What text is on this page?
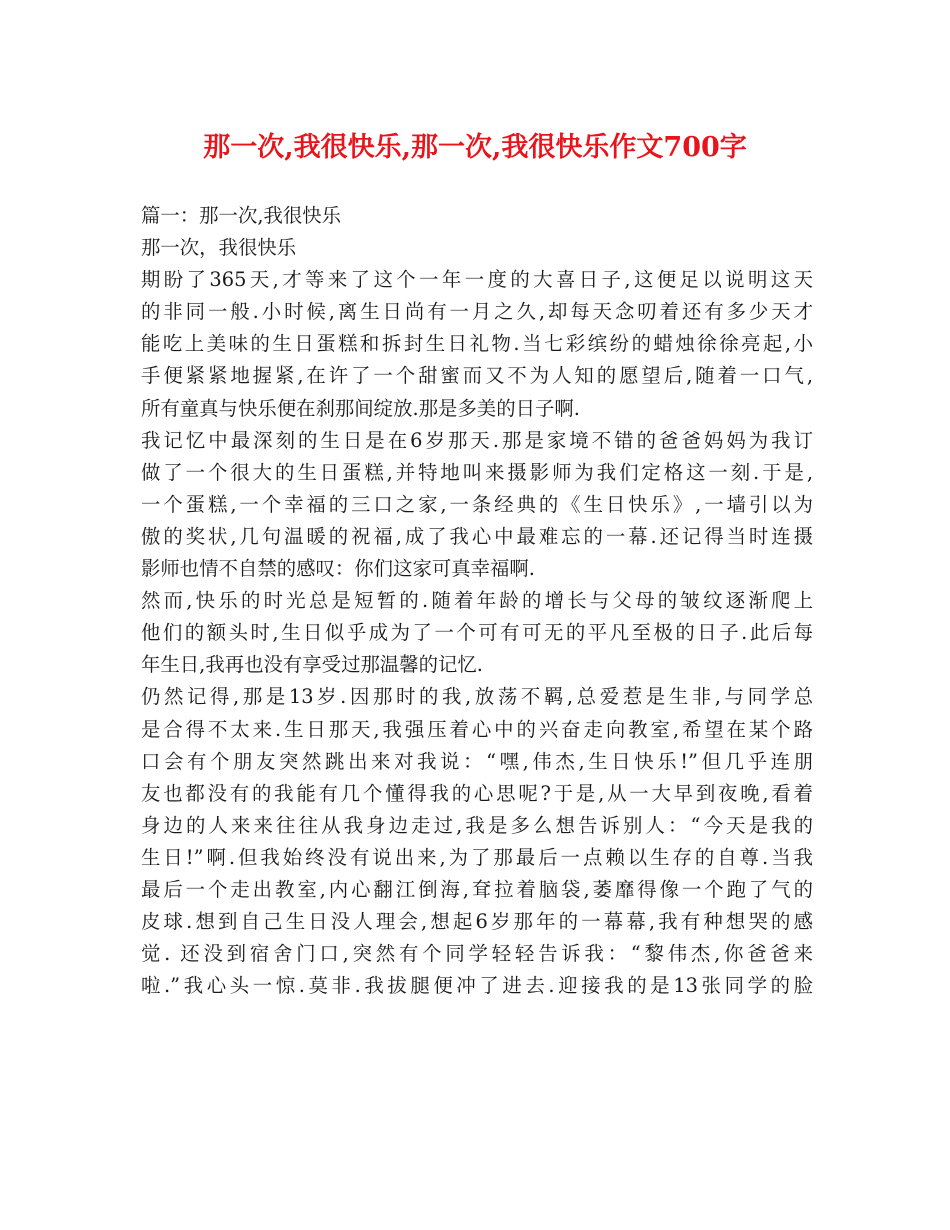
那一次,我很快乐,那一次,我很快乐作文700字
篇一：那一次,我很快乐
那一次，我很快乐
期盼了365天,才等来了这个一年一度的大喜日子,这便足以说明这天
的非同一般.小时候,离生日尚有一月之久,却每天念叨着还有多少天才
能吃上美味的生日蛋糕和拆封生日礼物.当七彩缤纷的蜡烛徐徐亮起,小
手便紧紧地握紧,在许了一个甜蜜而又不为人知的愿望后,随着一口气,
所有童真与快乐便在刹那间绽放.那是多美的日子啊.
我记忆中最深刻的生日是在6岁那天.那是家境不错的爸爸妈妈为我订
做了一个很大的生日蛋糕,并特地叫来摄影师为我们定格这一刻.于是,
一个蛋糕,一个幸福的三口之家,一条经典的《生日快乐》,一墙引以为
傲的奖状,几句温暖的祝福,成了我心中最难忘的一幕.还记得当时连摄
影师也情不自禁的感叹：你们这家可真幸福啊.
然而,快乐的时光总是短暂的.随着年龄的增长与父母的皱纹逐渐爬上
他们的额头时,生日似乎成为了一个可有可无的平凡至极的日子.此后每
年生日,我再也没有享受过那温馨的记忆.
仍然记得,那是13岁.因那时的我,放荡不羁,总爱惹是生非,与同学总
是合得不太来.生日那天,我强压着心中的兴奋走向教室,希望在某个路
口会有个朋友突然跳出来对我说：“嘿,伟杰,生日快乐!”但几乎连朋
友也都没有的我能有几个懂得我的心思呢?于是,从一大早到夜晚,看着
身边的人来来往往从我身边走过,我是多么想告诉别人：“今天是我的
生日!”啊.但我始终没有说出来,为了那最后一点赖以生存的自尊.当我
最后一个走出教室,内心翻江倒海,耷拉着脑袋,萎靡得像一个跑了气的
皮球.想到自己生日没人理会,想起6岁那年的一幕幕,我有种想哭的感
觉. 还没到宿舍门口,突然有个同学轻轻告诉我：“黎伟杰,你爸爸来
啦.”我心头一惊.莫非.我拔腿便冲了进去.迎接我的是13张同学的脸
